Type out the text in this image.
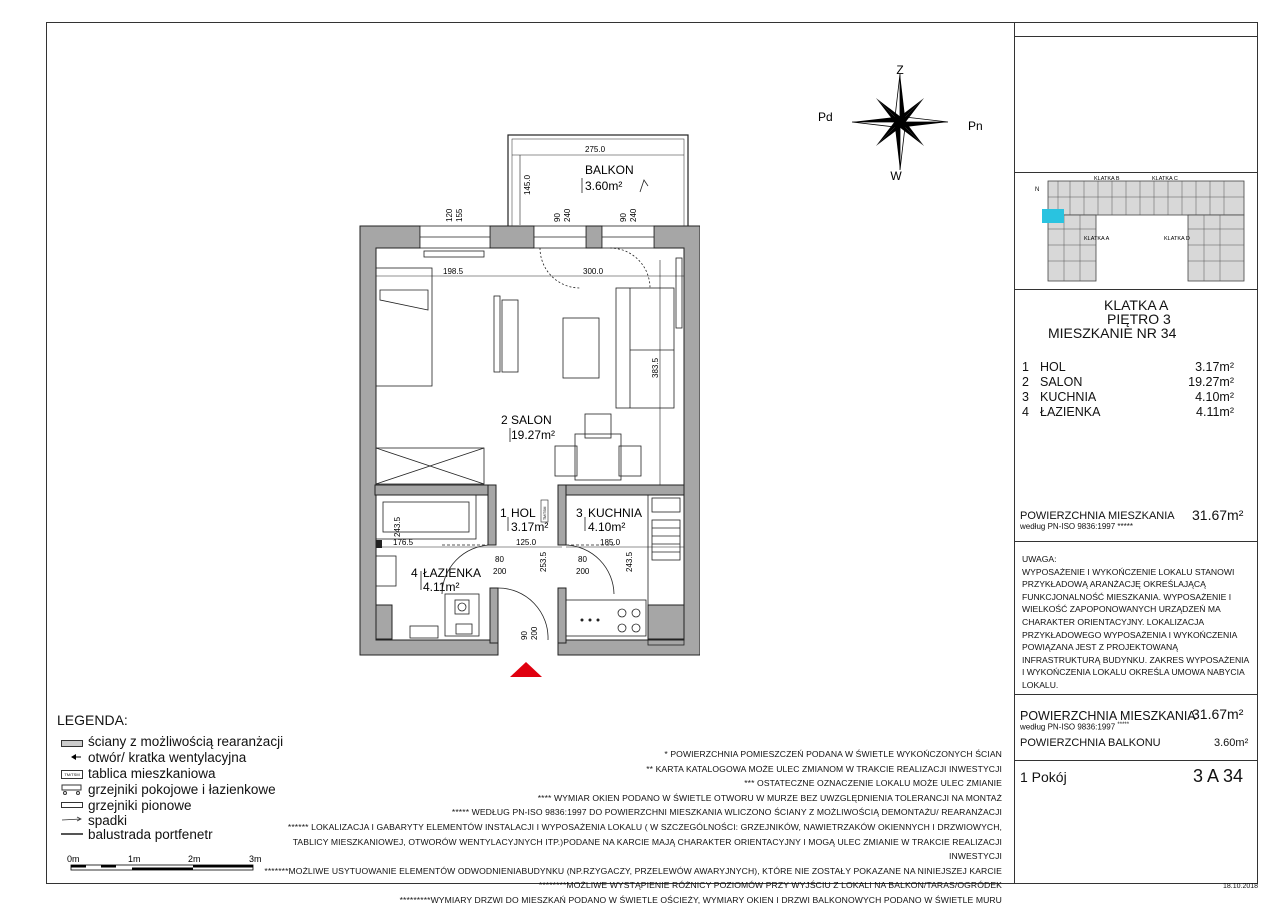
Z
W
Pd
Pn
N
KLATKA B	KLATKA C
KLATKA A	KLATKA D
KLATKA A
PIĘTRO 3
MIESZKANIE NR 34
1 HOL	3.17m²
2 SALON	19.27m²
3 KUCHNIA	4.10m²
4 ŁAZIENKA	4.11m²
POWIERZCHNIA MIESZKANIA
według PN-ISO 9836:1997 *****
31.67m²
UWAGA:
WYPOSAŻENIE I WYKOŃCZENIE LOKALU STANOWI
PRZYKŁADOWĄ ARANŻACJĘ OKREŚLAJĄCĄ
FUNKCJONALNOŚĆ MIESZKANIA. WYPOSAŻENIE I
WIELKOŚĆ ZAPOPONOWANYCH URZĄDZEŃ MA
CHARAKTER ORIENTACYJNY. LOKALIZACJA
PRZYKŁADOWEGO WYPOSAŻENIA I WYKOŃCZENIA
POWIĄZANA JEST Z PROJEKTOWANĄ
INFRASTRUKTURĄ BUDYNKU. ZAKRES WYPOSAŻENIA
I WYKOŃCZENIA LOKALU OKREŚLA UMOWA NABYCIA
LOKALU.
POWIERZCHNIA MIESZKANIA
31.67m²
według PN-ISO 9836:1997 *****
POWIERZCHNIA BALKONU	3.60m²
1 Pokój	3 A 34
18.10.2018
LEGENDA:
ściany z możliwością rearanżacji
otwór/ kratka wentylacyjna
TM/TSM tablica mieszkaniowa
grzejniki pokojowe i łazienkowe
grzejniki pionowe
spadki
balustrada portfenetr
0m	1m	2m	3m
* POWIERZCHNIA POMIESZCZEŃ PODANA W ŚWIETLE WYKOŃCZONYCH ŚCIAN
** KARTA KATALOGOWA MOŻE ULEC ZMIANOM W TRAKCIE REALIZACJI INWESTYCJI
*** OSTATECZNE OZNACZENIE LOKALU MOŻE ULEC ZMIANIE
**** WYMIAR OKIEN PODANO W ŚWIETLE OTWORU W MURZE BEZ UWZGLĘDNIENIA TOLERANCJI NA MONTAŻ
***** WEDŁUG PN-ISO 9836:1997 DO POWIERZCHNI MIESZKANIA WLICZONO ŚCIANY Z MOŻLIWOŚCIĄ DEMONTAŻU/ REARANŻACJI
****** LOKALIZACJA I GABARYTY ELEMENTÓW INSTALACJI I WYPOSAŻENIA LOKALU ( W SZCZEGÓLNOŚCI: GRZEJNIKÓW, NAWIETRZAKÓW OKIENNYCH I DRZWIOWYCH,
TABLICY MIESZKANIOWEJ, OTWORÓW WENTYLACYJNYCH ITP.)PODANE NA KARCIE MAJĄ CHARAKTER ORIENTACYJNY I MOGĄ ULEC ZMIANIE W TRAKCIE REALIZACJI INWESTYCJI
*******MOŻLIWE USYTUOWANIE ELEMENTÓW ODWODNIENIABUDYNKU (NP.RZYGACZY, PRZELEWÓW AWARYJNYCH), KTÓRE NIE ZOSTAŁY POKAZANE NA NINIEJSZEJ KARCIE
********MOŻLIWE WYSTĄPIENIE RÓŻNICY POZIOMÓW PRZY WYJŚCIU Z LOKALI NA BALKON/TARAS/OGRÓDEK
*********WYMIARY DRZWI DO MIESZKAŃ PODANO W ŚWIETLE OŚCIEŻY, WYMIARY OKIEN I DRZWI BALKONOWYCH PODANO W ŚWIETLE MURU
275.0
145.0
BALKON
3.60m²
120 155	90 240	90 240
198.5	300.0
383.5
2 SALON
19.27m²
1 HOL
3.17m²
TM/TSM 3 KUCHNIA
4.10m²
4 ŁAZIENKA
4.11m²
243.5
176.5	125.0	185.0
253.5	243.5
80
200
80
200
90 200
